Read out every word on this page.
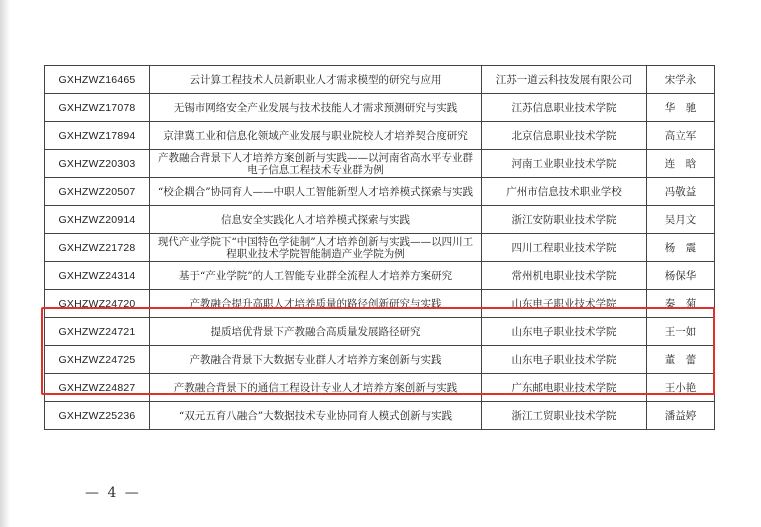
GXHZWZ16465	云计算工程技术人员新职业人才需求模型的研究与应用	江苏一道云科技发展有限公司	宋学永
GXHZWZ17078	无锡市网络安全产业发展与技术技能人才需求预测研究与实践	江苏信息职业技术学院	华　驰
GXHZWZ17894	京津冀工业和信息化领域产业发展与职业院校人才培养契合度研究	北京信息职业技术学院	高立军
GXHZWZ20303	产教融合背景下人才培养方案创新与实践——以河南省高水平专业群电子信息工程技术专业群为例	河南工业职业技术学院	连　晗
GXHZWZ20507	“校企耦合”协同育人——中职人工智能新型人才培养模式探索与实践	广州市信息技术职业学校	冯敬益
GXHZWZ20914	信息安全实践化人才培养模式探索与实践	浙江安防职业技术学院	吴月文
GXHZWZ21728	现代产业学院下“中国特色学徒制”人才培养创新与实践——以四川工程职业技术学院智能制造产业学院为例	四川工程职业技术学院	杨　震
GXHZWZ24314	基于“产业学院”的人工智能专业群全流程人才培养方案研究	常州机电职业技术学院	杨保华
GXHZWZ24720	产教融合提升高职人才培养质量的路径创新研究与实践	山东电子职业技术学院	秦　菊
GXHZWZ24721	提质培优背景下产教融合高质量发展路径研究	山东电子职业技术学院	王一如
GXHZWZ24725	产教融合背景下大数据专业群人才培养方案创新与实践	山东电子职业技术学院	董　蕾
GXHZWZ24827	产教融合背景下的通信工程设计专业人才培养方案创新与实践	广东邮电职业技术学院	王小艳
GXHZWZ25236	“双元五育八融合”大数据技术专业协同育人模式创新与实践	浙江工贸职业技术学院	潘益婷
— 4 —
